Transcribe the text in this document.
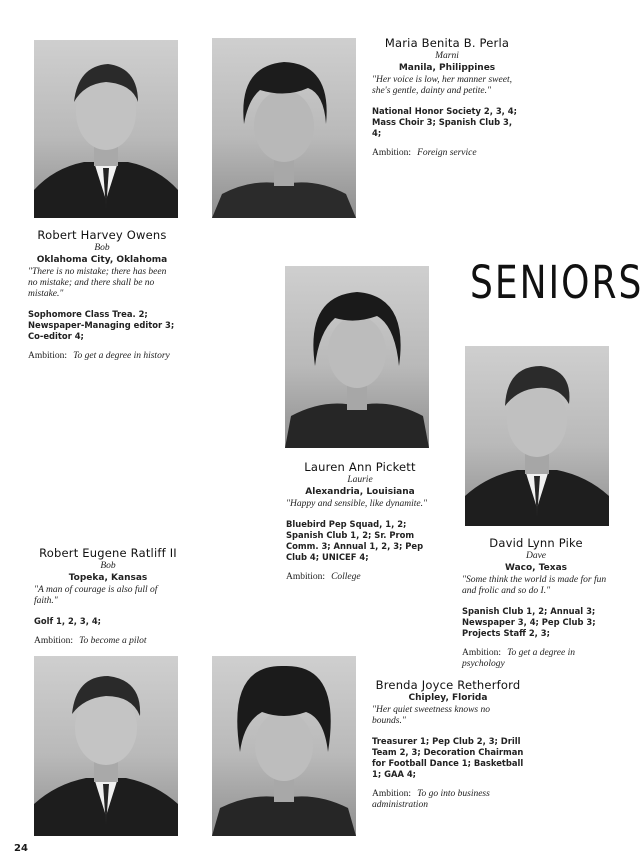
SENIORS
Robert Harvey Owens
Bob
Oklahoma City, Oklahoma
"There is no mistake; there has been no mistake; and there shall be no mistake."
Sophomore Class Trea. 2; Newspaper-Managing editor 3; Co-editor 4;
Ambition: To get a degree in history
Maria Benita B. Perla
Marni
Manila, Philippines
"Her voice is low, her manner sweet, she's gentle, dainty and petite."
National Honor Society 2, 3, 4; Mass Choir 3; Spanish Club 3, 4;
Ambition: Foreign service
Lauren Ann Pickett
Laurie
Alexandria, Louisiana
"Happy and sensible, like dynamite."
Bluebird Pep Squad, 1, 2; Spanish Club 1, 2; Sr. Prom Comm. 3; Annual 1, 2, 3; Pep Club 4; UNICEF 4;
Ambition: College
David Lynn Pike
Dave
Waco, Texas
"Some think the world is made for fun and frolic and so do I."
Spanish Club 1, 2; Annual 3; Newspaper 3, 4; Pep Club 3; Projects Staff 2, 3;
Ambition: To get a degree in psychology
Robert Eugene Ratliff II
Bob
Topeka, Kansas
"A man of courage is also full of faith."
Golf 1, 2, 3, 4;
Ambition: To become a pilot
Brenda Joyce Retherford
Chipley, Florida
"Her quiet sweetness knows no bounds."
Treasurer 1; Pep Club 2, 3; Drill Team 2, 3; Decoration Chairman for Football Dance 1; Basketball 1; GAA 4;
Ambition: To go into business administration
24
